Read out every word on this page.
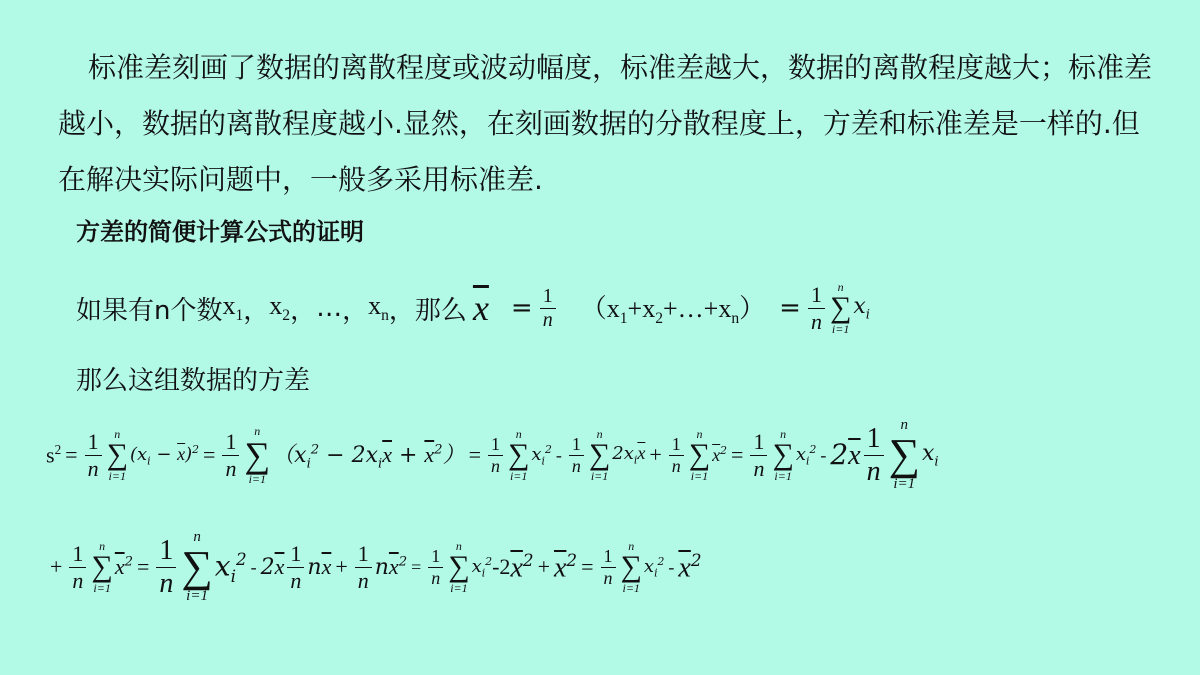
标准差刻画了数据的离散程度或波动幅度，标准差越大，数据的离散程度越大；标准差越小，数据的离散程度越小.显然，在刻画数据的分散程度上，方差和标准差是一样的.但在解决实际问题中，一般多采用标准差.

方差的简便计算公式的证明

如果有n个数 $x_1$ ， $x_2$ ， … ， $x_n$ ，那么 $\overline{x} = \frac{1}{n}$ $(x_1+x_2+\dots+x_n) = \frac{1}{n}$ n
∑
i=1
$x_i$

那么这组数据的方差

$s^2 = \frac{1}{n}$ n
∑
i=1
$(x_i - \overline{x})^2 = \frac{1}{n}$ n
∑
i=1
$(x_i^2 - 2x_i\overline{x} + \overline{x}^2) = \frac{1}{n}$ n
∑
i=1
$x_i^2 - \frac{1}{n}$ n
∑
i=1
$2x_i\overline{x} + \frac{1}{n}$ n
∑
i=1
$\overline{x}^2 = \frac{1}{n}$ n
∑
i=1
$x_i^2 - 2\overline{x} \frac{1}{n}$ n
∑
i=1
$x_i$
+ $\frac{1}{n}$ n
∑
i=1
$\overline{x}^2 = \frac{1}{n}$ n
∑
i=1
$x_i^2 - 2\overline{x} \frac{1}{n} n\overline{x} + \frac{1}{n} n\overline{x}^2 = \frac{1}{n}$ n
∑
i=1
$x_i^2$ -2 $\overline{x}^2 + \overline{x}^2 = \frac{1}{n}$ n
∑
i=1
$x_i^2 - \overline{x}^2$
